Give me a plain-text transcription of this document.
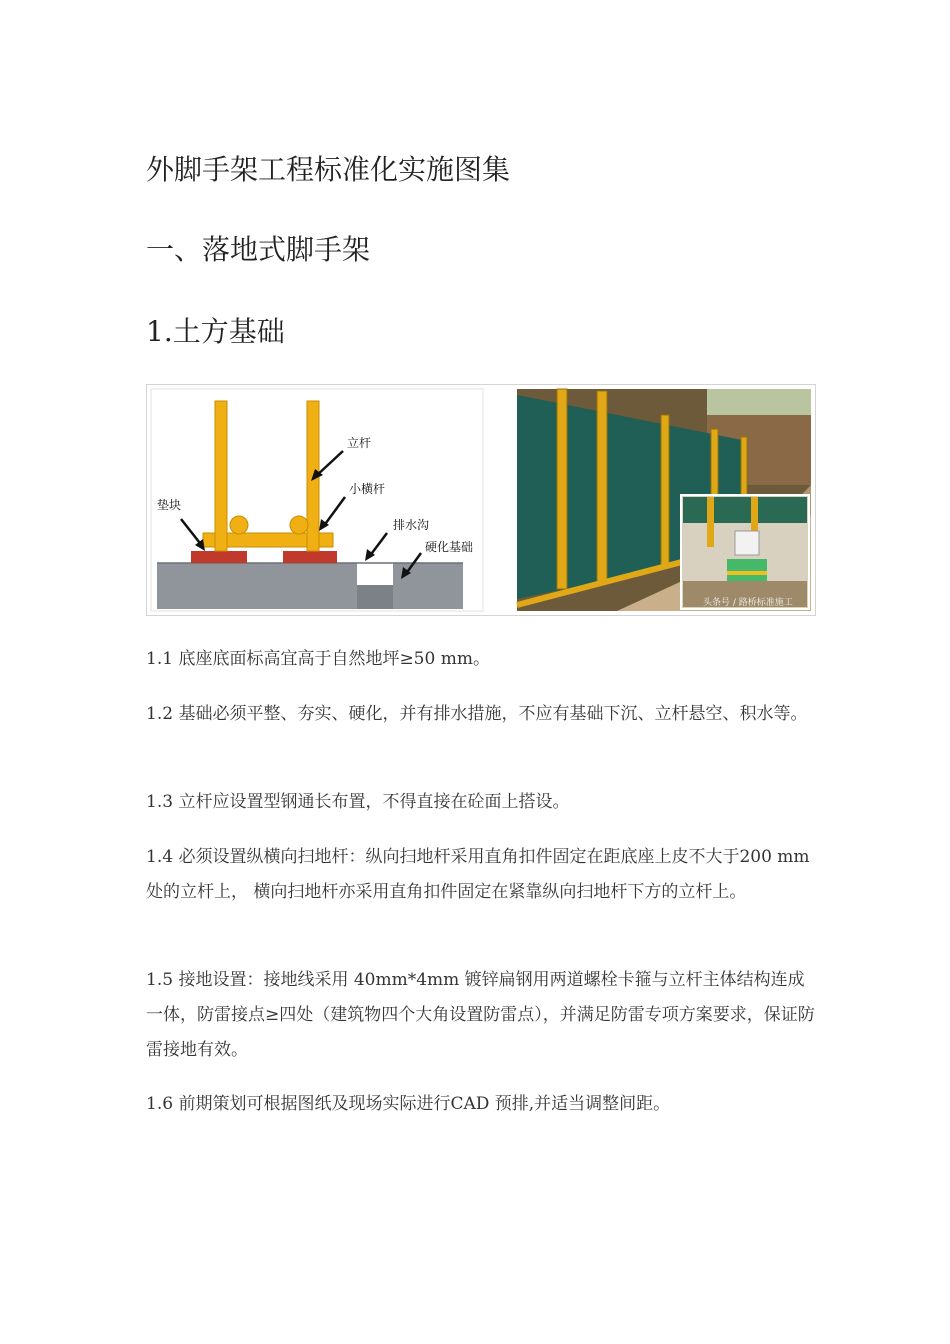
外脚手架工程标准化实施图集
一、落地式脚手架
1.土方基础
立杆
小横杆
垫块
排水沟
硬化基础
头条号 / 路桥标准施工

1.1 底座底面标高宜高于自然地坪≥50 mm。

1.2 基础必须平整、夯实、硬化，并有排水措施，不应有基础下沉、立杆悬空、积水等。

1.3 立杆应设置型钢通长布置，不得直接在砼面上搭设。

1.4 必须设置纵横向扫地杆：纵向扫地杆采用直角扣件固定在距底座上皮不大于200 mm处的立杆上， 横向扫地杆亦采用直角扣件固定在紧靠纵向扫地杆下方的立杆上。

1.5 接地设置：接地线采用 40mm*4mm 镀锌扁钢用两道螺栓卡箍与立杆主体结构连成一体，防雷接点≥四处（建筑物四个大角设置防雷点），并满足防雷专项方案要求，保证防雷接地有效。

1.6 前期策划可根据图纸及现场实际进行CAD 预排,并适当调整间距。
